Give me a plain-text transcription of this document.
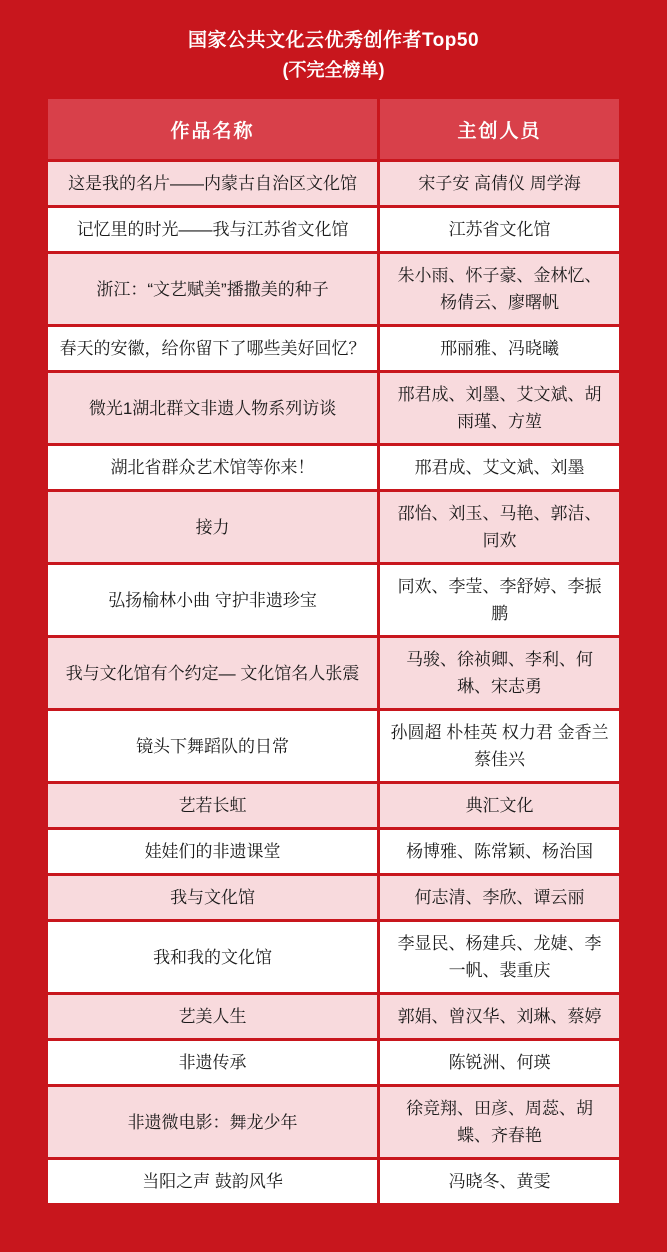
国家公共文化云优秀创作者Top50
(不完全榜单)
作品名称	主创人员
这是我的名片——内蒙古自治区文化馆	宋子安 高倩仪 周学海
记忆里的时光——我与江苏省文化馆	江苏省文化馆
浙江：“文艺赋美”播撒美的种子	朱小雨、怀子豪、金林忆、杨倩云、廖曙帆
春天的安徽，给你留下了哪些美好回忆？	邢丽雅、冯晓曦
微光1湖北群文非遗人物系列访谈	邢君成、刘墨、艾文斌、胡雨瑾、方堃
湖北省群众艺术馆等你来！	邢君成、艾文斌、刘墨
接力	邵怡、刘玉、马艳、郭洁、同欢
弘扬榆林小曲 守护非遗珍宝	同欢、李莹、李舒婷、李振鹏
我与文化馆有个约定— 文化馆名人张震	马骏、徐祯卿、李利、何琳、宋志勇
镜头下舞蹈队的日常	孙圆超 朴桂英 权力君 金香兰 蔡佳兴
艺若长虹	典汇文化
娃娃们的非遗课堂	杨博雅、陈常颖、杨治国
我与文化馆	何志清、李欣、谭云丽
我和我的文化馆	李显民、杨建兵、龙婕、李一帆、裴重庆
艺美人生	郭娟、曾汉华、刘琳、蔡婷
非遗传承	陈锐洲、何瑛
非遗微电影：舞龙少年	徐竞翔、田彦、周蕊、胡蝶、齐春艳
当阳之声 鼓韵风华	冯晓冬、黄雯
